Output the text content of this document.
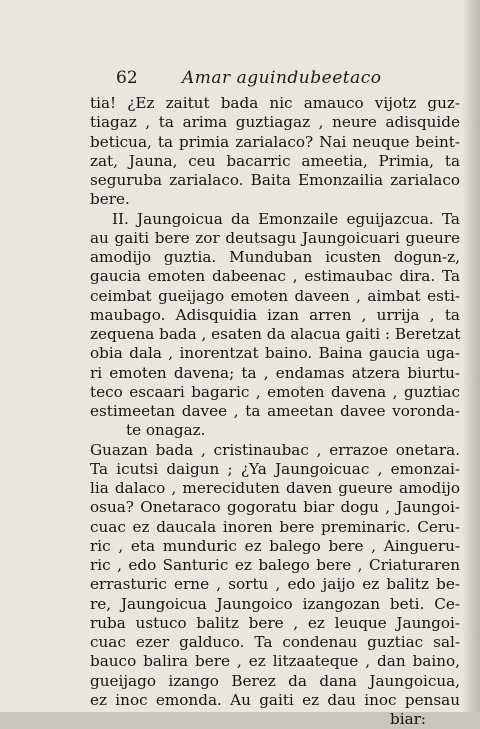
62	Amar aguindubeetaco
tia! ¿Ez zaitut bada nic amauco vijotz guz-
tiagaz , ta arima guztiagaz , neure adisquide
beticua, ta primia zarialaco? Nai neuque beint-
zat, Jauna, ceu bacarric ameetia, Primia, ta
seguruba zarialaco. Baita Emonzailia zarialaco
bere.
II. Jaungoicua da Emonzaile eguijazcua. Ta
au gaiti bere zor deutsagu Jaungoicuari gueure
amodijo guztia. Munduban icusten dogun-z,
gaucia emoten dabeenac , estimaubac dira. Ta
ceimbat gueijago emoten daveen , aimbat esti-
maubago. Adisquidia izan arren , urrija , ta
zequena bada , esaten da alacua gaiti : Beretzat
obia dala , inorentzat baino. Baina gaucia uga-
ri emoten davena; ta , endamas atzera biurtu-
teco escaari bagaric , emoten davena , guztiac
estimeetan davee , ta ameetan davee voronda-
te onagaz.
Guazan bada , cristinaubac , errazoe onetara.
Ta icutsi daigun ; ¿Ya Jaungoicuac , emonzai-
lia dalaco , mereciduten daven gueure amodijo
osua? Onetaraco gogoratu biar dogu , Jaungoi-
cuac ez daucala inoren bere preminaric. Ceru-
ric , eta munduric ez balego bere , Aingueru-
ric , edo Santuric ez balego bere , Criaturaren
errasturic erne , sortu , edo jaijo ez balitz be-
re, Jaungoicua Jaungoico izangozan beti. Ce-
ruba ustuco balitz bere , ez leuque Jaungoi-
cuac ezer galduco. Ta condenau guztiac sal-
bauco balira bere , ez litzaateque , dan baino,
gueijago izango Berez da dana Jaungoicua,
ez inoc emonda. Au gaiti ez dau inoc pensau
biar:
